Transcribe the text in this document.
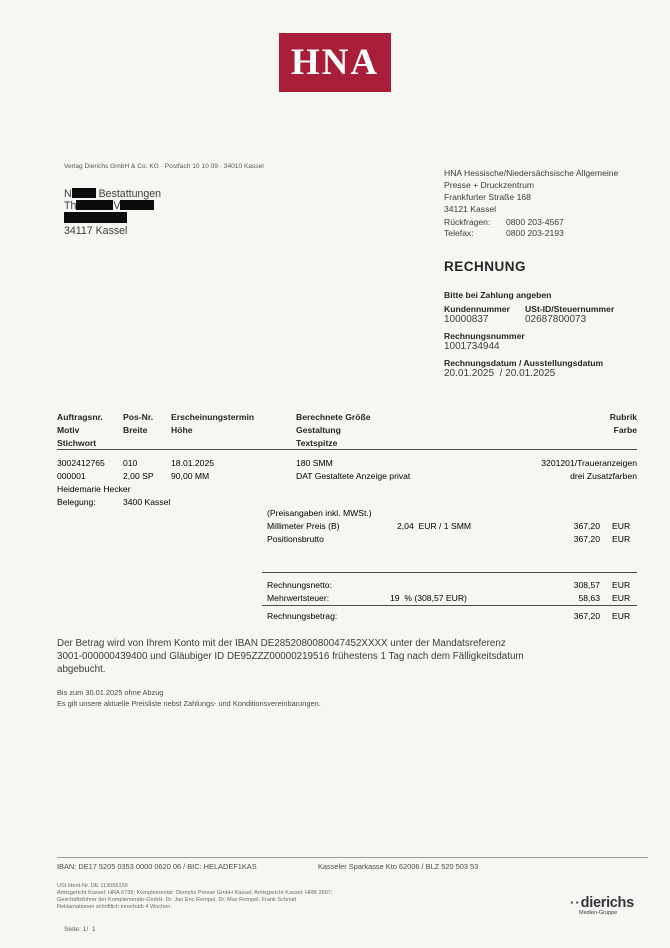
HNA
Verlag Dierichs GmbH & Co. KG · Postfach 10 10 09 · 34010 Kassel
N	Bestattungen
Th	V
34117 Kassel
HNA Hessische/Niedersächsische Allgemeine
Presse + Druckzentrum
Frankfurter Straße 168
34121 Kassel
Rückfragen: 0800 203-4567
Telefax:	0800 203-2193
RECHNUNG
Bitte bei Zahlung angeben
Kundennummer USt-ID/Steuernummer
10000837	02687800073
Rechnungsnummer
1001734944
Rechnungsdatum / Ausstellungsdatum
20.01.2025  / 20.01.2025
Auftragsnr. Pos-Nr. Erscheinungstermin	Berechnete Größe	Rubrik
Motiv	Breite	Höhe	Gestaltung	Farbe
Stichwort	Textspitze
3002412765 010	18.01.2025	180 SMM	3201201/Traueranzeigen
000001	2,00 SP 90,00 MM	DAT Gestaltete Anzeige privat	drei Zusatzfarben
Heidemarie Hecker
Belegung:	3400 Kassel
(Preisangaben inkl. MWSt.)
Millimeter Preis (B)	2,04  EUR / 1 SMM	367,20 EUR
Positionsbrutto	367,20 EUR
Rechnungsnetto:	308,57 EUR
Mehrwertsteuer:	19  % (308,57 EUR)	58,63 EUR
Rechnungsbetrag:	367,20 EUR
Der Betrag wird von Ihrem Konto mit der IBAN DE2852080080047452XXXX unter der Mandatsreferenz
3001-000000439400 und Gläubiger ID DE95ZZZ00000219516 frühestens 1 Tag nach dem Fälligkeitsdatum
abgebucht.
Bis zum 30.01.2025 ohne Abzug
Es gilt unsere aktuelle Preisliste nebst Zahlungs- und Konditionsvereinbarungen.
IBAN: DE17 5205 0353 0000 0620 06 / BIC: HELADEF1KAS	Kasseler Sparkasse Kto 62006 / BLZ 520 503 53
USt Ident-Nr. DE 113056159
Amtsgericht Kassel: HRA 6739; Komplementär: Dierichs Presse GmbH Kassel; Amtsgericht Kassel: HRB 2697;
Geschäftsführer der Komplementär-GmbH: Dr. Jan Eric Rempel, Dr. Max Rempel, Frank Schmid
Reklamationen schriftlich innerhalb 4 Wochen.	··dierichs
Medien-Gruppe
Seite: 1/  1
